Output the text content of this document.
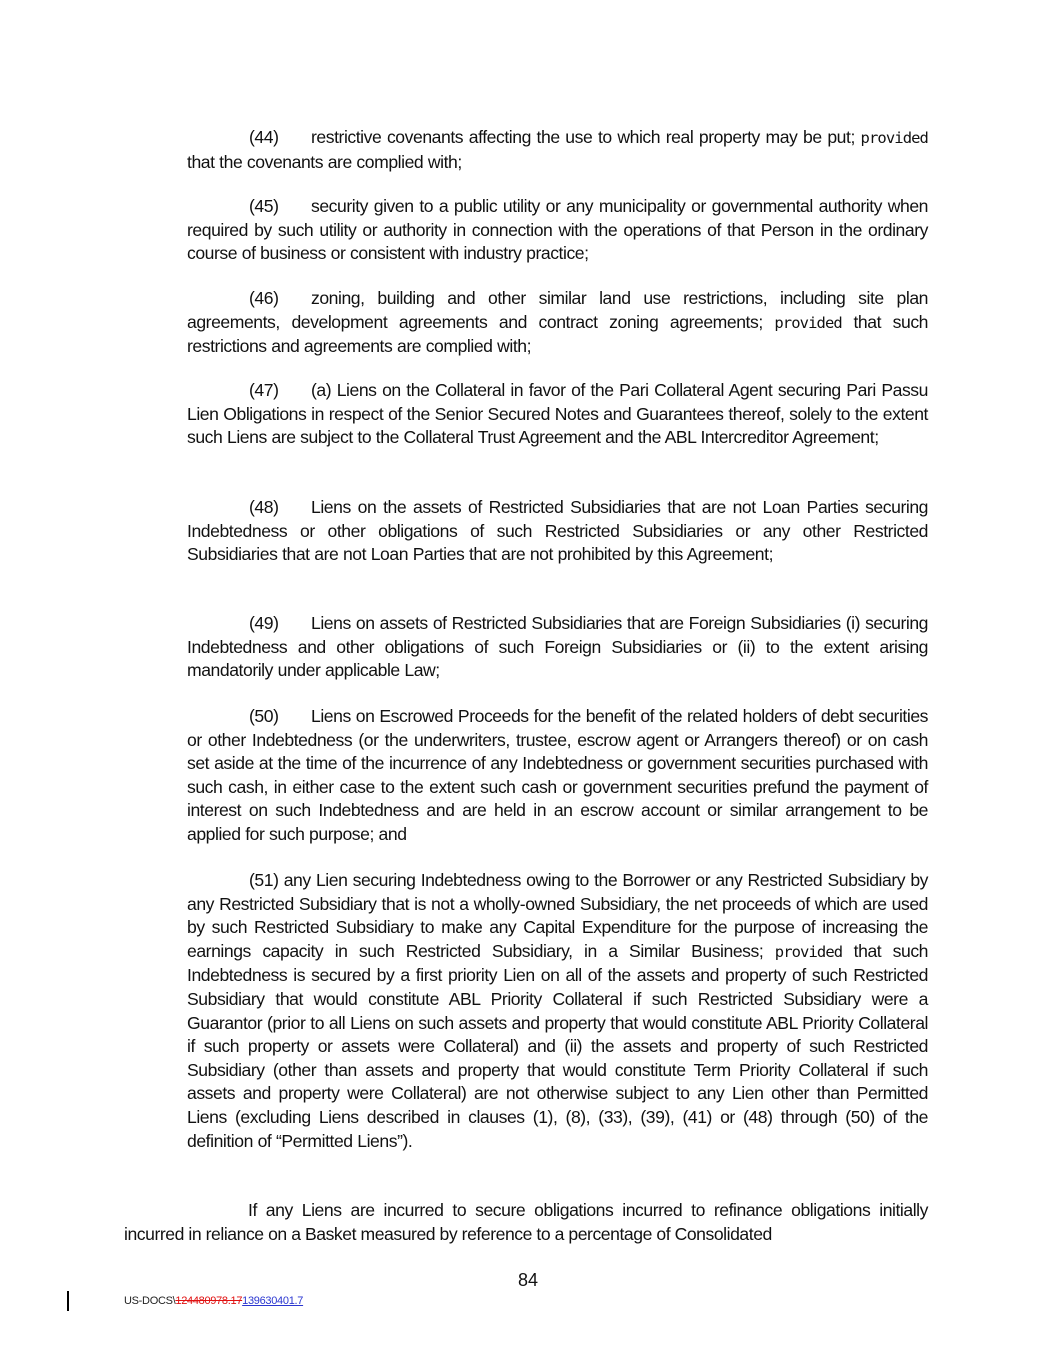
(44) restrictive covenants affecting the use to which real property may be put; provided that the covenants are complied with;

(45) security given to a public utility or any municipality or governmental authority when required by such utility or authority in connection with the operations of that Person in the ordinary course of business or consistent with industry practice;

(46) zoning, building and other similar land use restrictions, including site plan agreements, development agreements and contract zoning agreements; provided that such restrictions and agreements are complied with;

(47) (a) Liens on the Collateral in favor of the Pari Collateral Agent securing Pari Passu Lien Obligations in respect of the Senior Secured Notes and Guarantees thereof, solely to the extent such Liens are subject to the Collateral Trust Agreement and the ABL Intercreditor Agreement;

(48) Liens on the assets of Restricted Subsidiaries that are not Loan Parties securing Indebtedness or other obligations of such Restricted Subsidiaries or any other Restricted Subsidiaries that are not Loan Parties that are not prohibited by this Agreement;

(49) Liens on assets of Restricted Subsidiaries that are Foreign Subsidiaries (i) securing Indebtedness and other obligations of such Foreign Subsidiaries or (ii) to the extent arising mandatorily under applicable Law;

(50) Liens on Escrowed Proceeds for the benefit of the related holders of debt securities or other Indebtedness (or the underwriters, trustee, escrow agent or Arrangers thereof) or on cash set aside at the time of the incurrence of any Indebtedness or government securities purchased with such cash, in either case to the extent such cash or government securities prefund the payment of interest on such Indebtedness and are held in an escrow account or similar arrangement to be applied for such purpose; and

(51) any Lien securing Indebtedness owing to the Borrower or any Restricted Subsidiary by any Restricted Subsidiary that is not a wholly-owned Subsidiary, the net proceeds of which are used by such Restricted Subsidiary to make any Capital Expenditure for the purpose of increasing the earnings capacity in such Restricted Subsidiary, in a Similar Business; provided that such Indebtedness is secured by a first priority Lien on all of the assets and property of such Restricted Subsidiary that would constitute ABL Priority Collateral if such Restricted Subsidiary were a Guarantor (prior to all Liens on such assets and property that would constitute ABL Priority Collateral if such property or assets were Collateral) and (ii) the assets and property of such Restricted Subsidiary (other than assets and property that would constitute Term Priority Collateral if such assets and property were Collateral) are not otherwise subject to any Lien other than Permitted Liens (excluding Liens described in clauses (1), (8), (33), (39), (41) or (48) through (50) of the definition of “Permitted Liens”).

If any Liens are incurred to secure obligations incurred to refinance obligations initially incurred in reliance on a Basket measured by reference to a percentage of Consolidated

84
US-DOCS\124480978.17139630401.7
